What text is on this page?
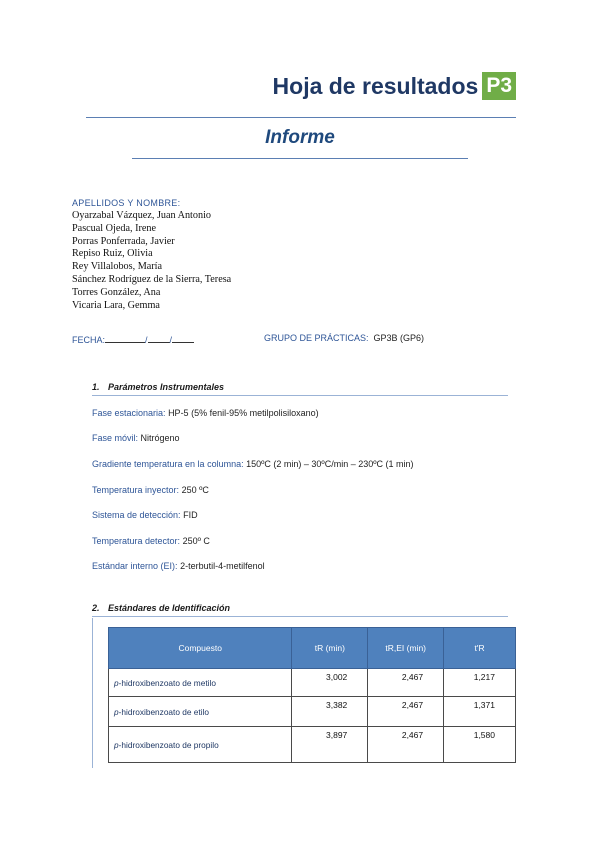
Hoja de resultados P3
Informe
APELLIDOS Y NOMBRE:
Oyarzabal Vázquez, Juan Antonio
Pascual Ojeda, Irene
Porras Ponferrada, Javier
Repiso Ruiz, Olivia
Rey Villalobos, María
Sánchez Rodríguez de la Sierra, Teresa
Torres González, Ana
Vicaria Lara, Gemma
FECHA:	/ /	GRUPO DE PRÁCTICAS: GP3B (GP6)
1. Parámetros Instrumentales
Fase estacionaria: HP-5 (5% fenil-95% metilpolisiloxano)
Fase móvil: Nitrógeno
Gradiente temperatura en la columna: 150ºC (2 min) – 30ºC/min – 230ºC (1 min)
Temperatura inyector: 250 ºC
Sistema de detección: FID
Temperatura detector: 250º C
Estándar interno (EI): 2-terbutil-4-metilfenol
2. Estándares de Identificación
Compuesto	tR (min)	tR,EI (min)	t'R
p-hidroxibenzoato de metilo	3,002	2,467	1,217
p-hidroxibenzoato de etilo	3,382	2,467	1,371
p-hidroxibenzoato de propilo	3,897	2,467	1,580
